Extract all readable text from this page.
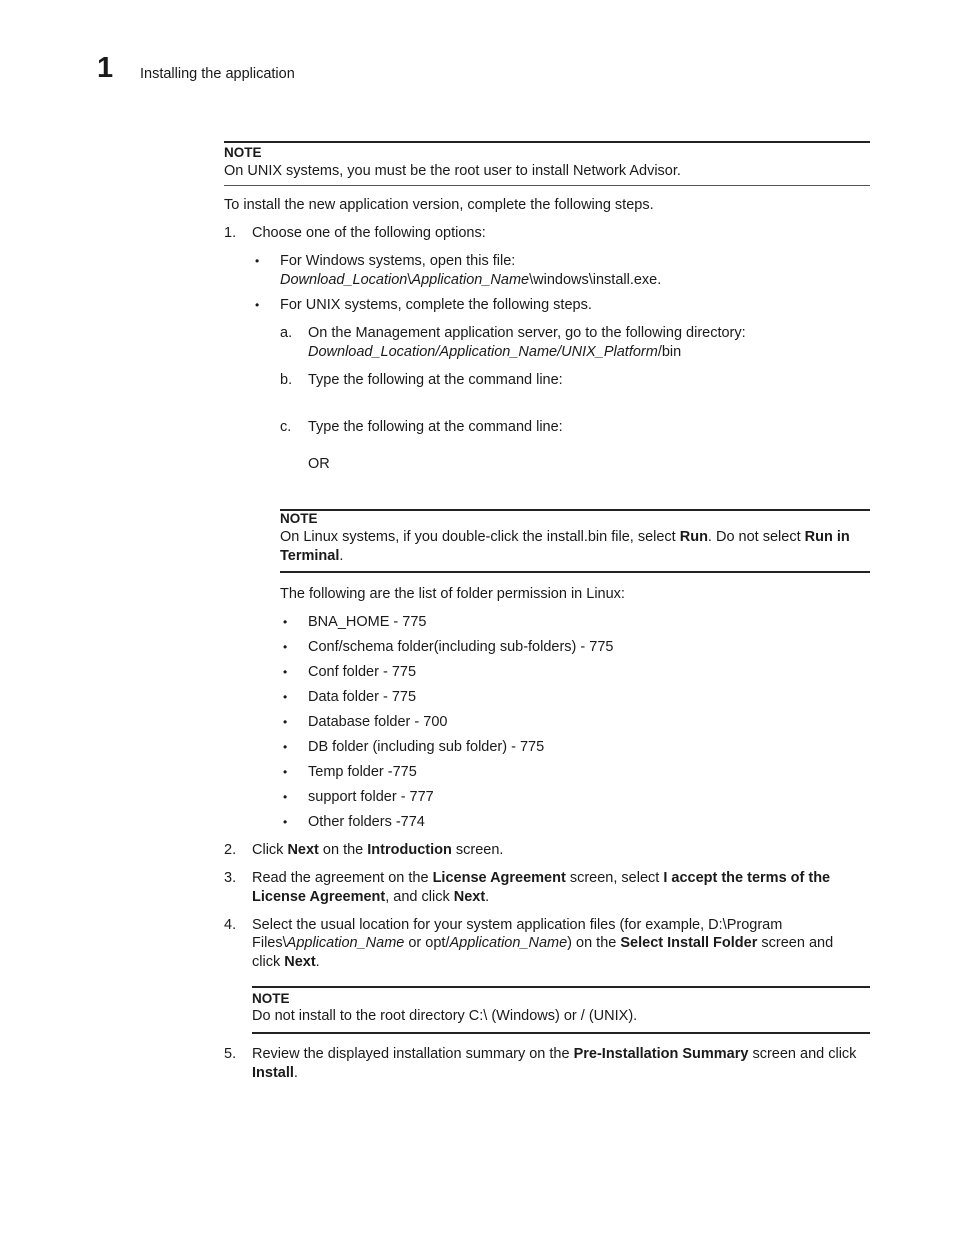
1 Installing the application
NOTE
On UNIX systems, you must be the root user to install Network Advisor.
To install the new application version, complete the following steps.
1. Choose one of the following options:
• For Windows systems, open this file:
Download_Location\Application_Name\windows\install.exe.
• For UNIX systems, complete the following steps.
a. On the Management application server, go to the following directory:
Download_Location/Application_Name/UNIX_Platform/bin
b. Type the following at the command line:
c. Type the following at the command line:
OR
NOTE
On Linux systems, if you double-click the install.bin file, select Run. Do not select Run in
Terminal.
The following are the list of folder permission in Linux:
• BNA_HOME - 775
• Conf/schema folder(including sub-folders) - 775
• Conf folder - 775
• Data folder - 775
• Database folder - 700
• DB folder (including sub folder) - 775
• Temp folder -775
• support folder - 777
• Other folders -774
2. Click Next on the Introduction screen.
3. Read the agreement on the License Agreement screen, select I accept the terms of the
License Agreement, and click Next.
4. Select the usual location for your system application files (for example, D:\Program
Files\Application_Name or opt/Application_Name) on the Select Install Folder screen and
click Next.
NOTE
Do not install to the root directory C:\ (Windows) or / (UNIX).
5. Review the displayed installation summary on the Pre-Installation Summary screen and click
Install.
